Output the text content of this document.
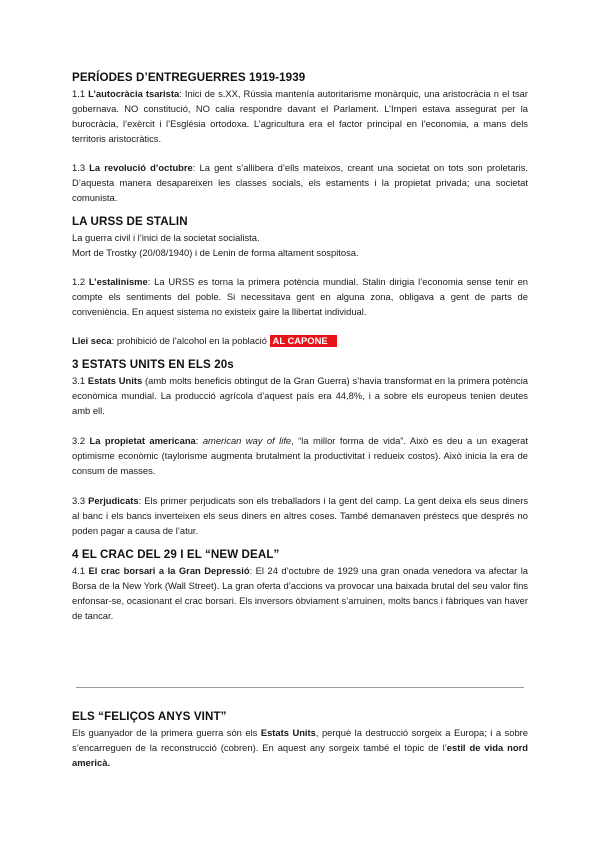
PERÍODES D’ENTREGUERRES 1919-1939

1.1 L’autocràcia tsarista: Inici de s.XX, Rússia mantenía autoritarisme monàrquic, una aristocràcia n el tsar gobernava. NO constitució, NO calia respondre davant el Parlament. L’Imperi estava assegurat per la burocràcia, l’exèrcit i l’Església ortodoxa. L’agricultura era el factor principal en l’economia, a mans dels territoris aristocràtics.

1.3 La revolució d’octubre: La gent s’allibera d’ells mateixos, creant una societat on tots son proletaris. D’aquesta manera desapareixen les classes socials, els estaments i la propietat privada; una societat comunista.

LA URSS DE STALIN

La guerra civil i l’inici de la societat socialista.

Mort de Trostky (20/08/1940) i de Lenin de forma altament sospitosa.

1.2 L’estalinisme: La URSS es torna la primera potència mundial. Stalin dirigia l’economia sense tenir en compte els sentiments del poble. Si necessitava gent en alguna zona, obligava a gent de parts de conveniència. En aquest sistema no existeix gaire la llibertat individual.

Llei seca: prohibició de l’alcohol en la població AL CAPONE

3 ESTATS UNITS EN ELS 20s

3.1 Estats Units (amb molts beneficis obtingut de la Gran Guerra) s’havia transformat en la primera potència econòmica mundial. La producció agrícola d’aquest país era 44,8%, i a sobre els europeus tenien deutes amb ell.

3.2 La propietat americana: american way of life, “la millor forma de vida”. Això es deu a un exagerat optimisme econòmic (taylorisme augmenta brutalment la productivitat i redueix costos). Això inicia la era de consum de masses.

3.3 Perjudicats: Els primer perjudicats son els treballadors i la gent del camp. La gent deixa els seus diners al banc i els bancs inverteixen els seus diners en altres coses. També demanaven préstecs que després no poden pagar a causa de l’atur.

4 EL CRAC DEL 29 I EL “NEW DEAL”

4.1 El crac borsari a la Gran Depressió: El 24 d’octubre de 1929 una gran onada venedora va afectar la Borsa de la New York (Wall Street). La gran oferta d’accions va provocar una baixada brutal del seu valor fins enfonsar-se, ocasionant el crac borsari. Els inversors òbviament s’arruinen, molts bancs i fàbriques van haver de tancar.

ELS “FELIÇOS ANYS VINT”

Els guanyador de la primera guerra són els Estats Units, perquè la destrucció sorgeix a Europa; i a sobre s’encarreguen de la reconstrucció (cobren). En aquest any sorgeix també el tòpic de l’estil de vida nord americà.
